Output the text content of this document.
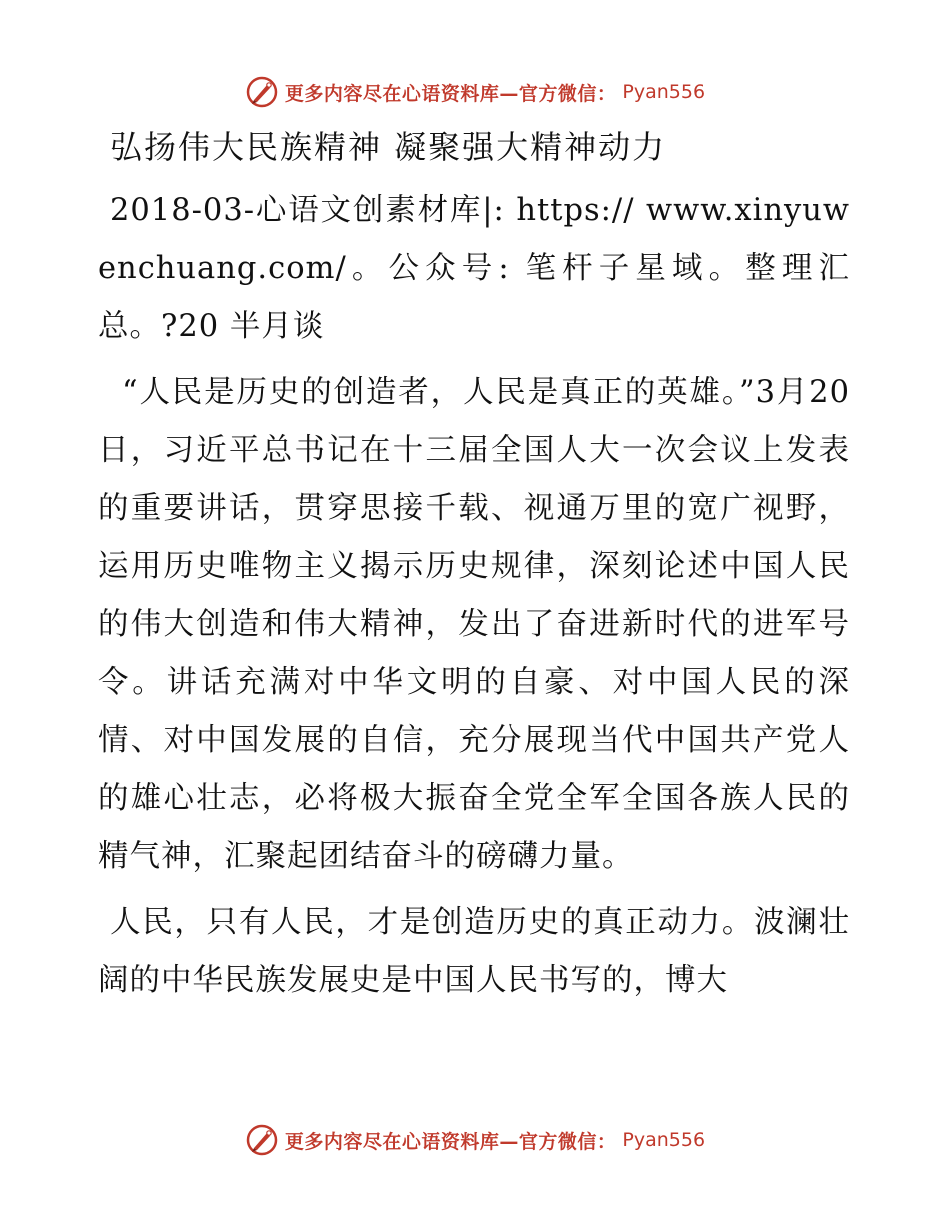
更多内容尽在心语资料库—官方微信： Pyan556
弘扬伟大民族精神 凝聚强大精神动力

2018-03-心语文创素材库|: https:// www.xinyuwenchuang.com/。公众号: 笔杆子星域。整理汇总。?20 半月谈

“人民是历史的创造者，人民是真正的英雄。”3月20日，习近平总书记在十三届全国人大一次会议上发表的重要讲话，贯穿思接千载、视通万里的宽广视野，运用历史唯物主义揭示历史规律，深刻论述中国人民的伟大创造和伟大精神，发出了奋进新时代的进军号令。讲话充满对中华文明的自豪、对中国人民的深情、对中国发展的自信，充分展现当代中国共产党人的雄心壮志，必将极大振奋全党全军全国各族人民的精气神，汇聚起团结奋斗的磅礴力量。

人民，只有人民，才是创造历史的真正动力。波澜壮阔的中华民族发展史是中国人民书写的，博大

更多内容尽在心语资料库—官方微信： Pyan556
